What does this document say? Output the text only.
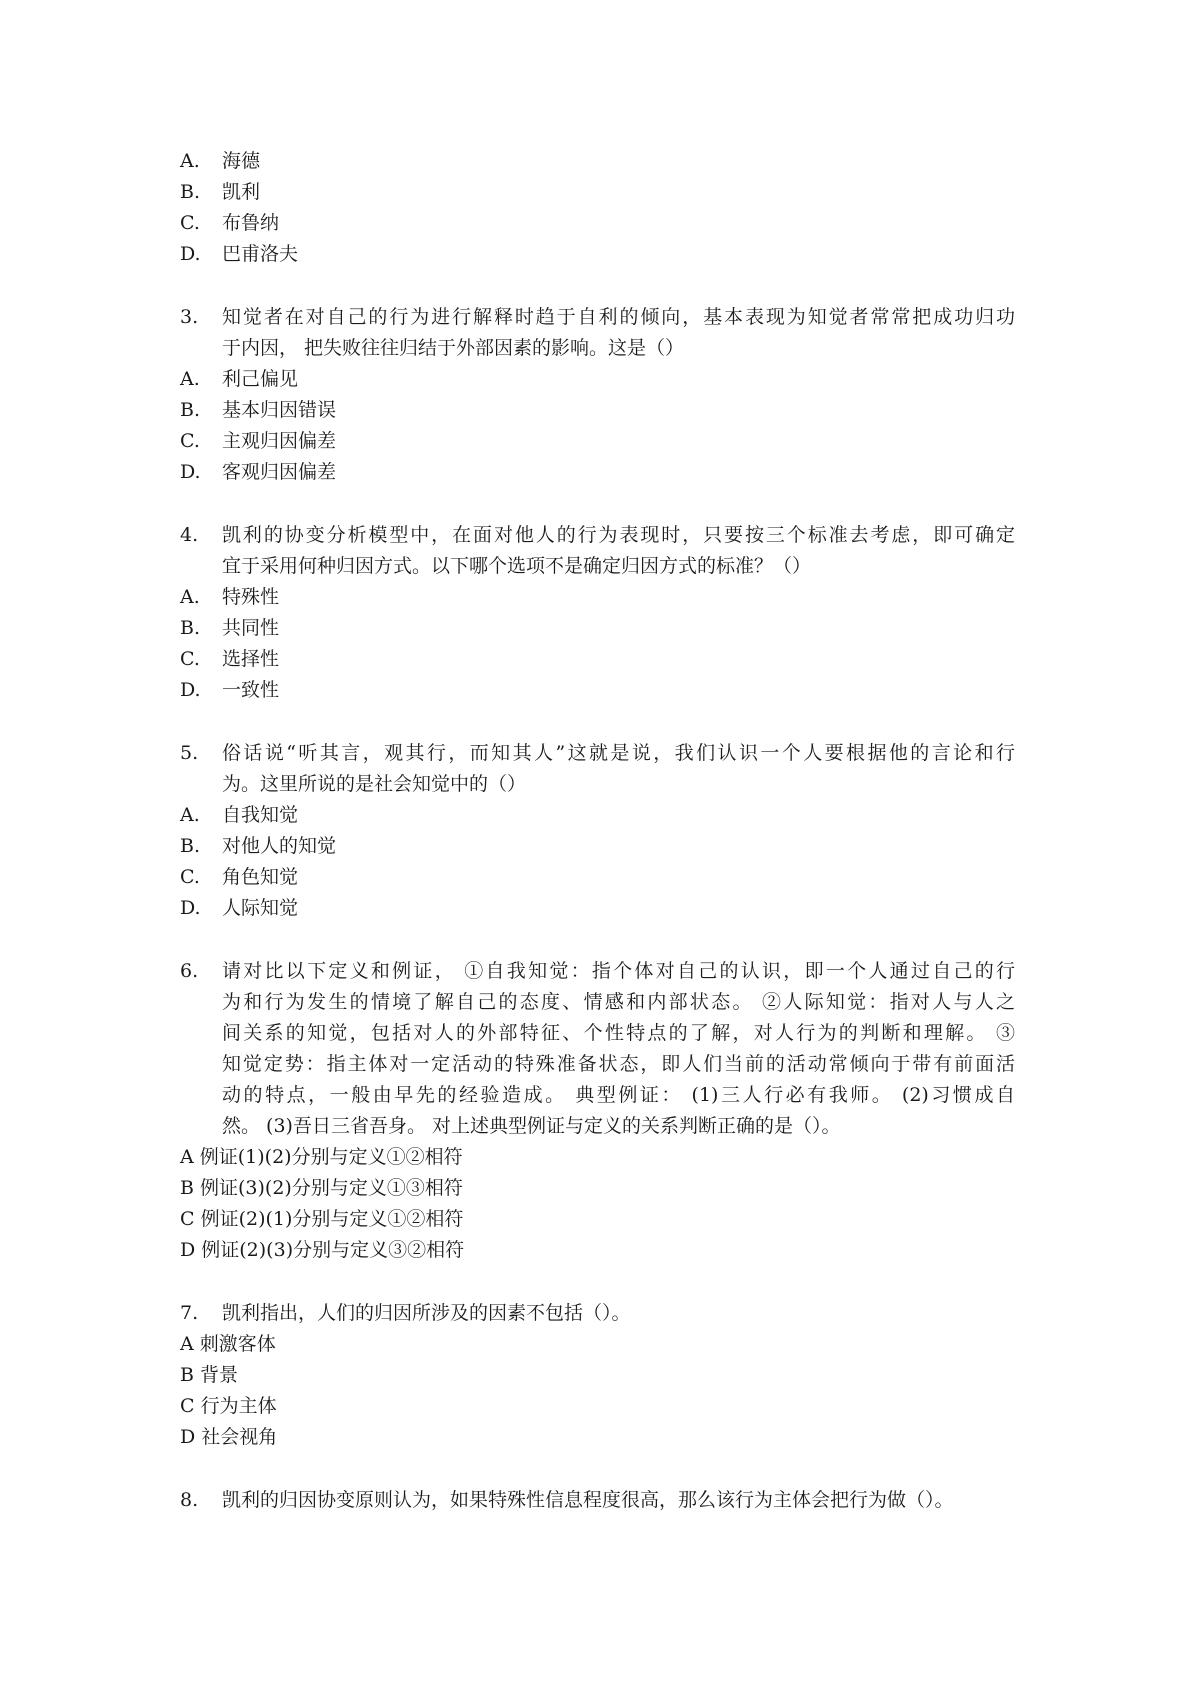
A. 海德
B. 凯利
C. 布鲁纳
D. 巴甫洛夫
3. 知觉者在对自己的行为进行解释时趋于自利的倾向，基本表现为知觉者常常把成功归功
于内因， 把失败往往归结于外部因素的影响。这是（）
A. 利己偏见
B. 基本归因错误
C. 主观归因偏差
D. 客观归因偏差
4. 凯利的协变分析模型中，在面对他人的行为表现时，只要按三个标准去考虑，即可确定
宜于采用何种归因方式。以下哪个选项不是确定归因方式的标准？（）
A. 特殊性
B. 共同性
C. 选择性
D. 一致性
5. 俗话说“听其言，观其行，而知其人”这就是说，我们认识一个人要根据他的言论和行
为。这里所说的是社会知觉中的（）
A. 自我知觉
B. 对他人的知觉
C. 角色知觉
D. 人际知觉
6. 请对比以下定义和例证， ①自我知觉：指个体对自己的认识，即一个人通过自己的行
为和行为发生的情境了解自己的态度、情感和内部状态。 ②人际知觉：指对人与人之
间关系的知觉，包括对人的外部特征、个性特点的了解，对人行为的判断和理解。 ③
知觉定势：指主体对一定活动的特殊准备状态，即人们当前的活动常倾向于带有前面活
动的特点，一般由早先的经验造成。 典型例证： (1)三人行必有我师。 (2)习惯成自
然。 (3)吾日三省吾身。 对上述典型例证与定义的关系判断正确的是（）。
A 例证(1)(2)分别与定义①②相符
B 例证(3)(2)分别与定义①③相符
C 例证(2)(1)分别与定义①②相符
D 例证(2)(3)分别与定义③②相符
7. 凯利指出，人们的归因所涉及的因素不包括（）。
A 刺激客体
B 背景
C 行为主体
D 社会视角
8. 凯利的归因协变原则认为，如果特殊性信息程度很高，那么该行为主体会把行为做（）。
